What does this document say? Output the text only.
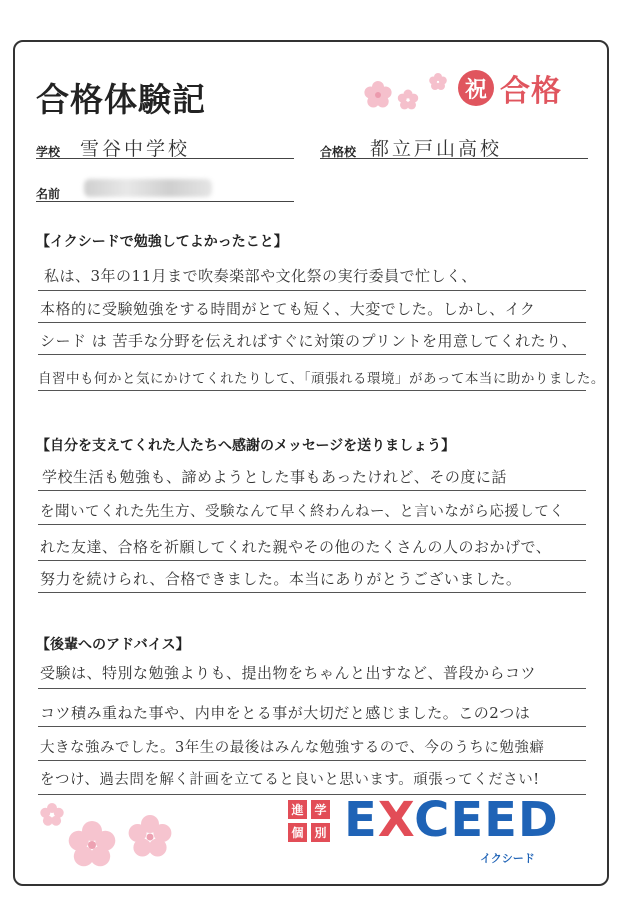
合格体験記	祝 合格
学校 雪谷中学校	合格校 都立戸山高校
名前
【イクシードで勉強してよかったこと】
私は、3年の11月まで吹奏楽部や文化祭の実行委員で忙しく、
本格的に受験勉強をする時間がとても短く、大変でした。しかし、イク
シード は 苦手な分野を伝えればすぐに対策のプリントを用意してくれたり、
自習中も何かと気にかけてくれたりして、「頑張れる環境」があって本当に助かりました。
【自分を支えてくれた人たちへ感謝のメッセージを送りましょう】
学校生活も勉強も、諦めようとした事もあったけれど、その度に話
を聞いてくれた先生方、受験なんて早く終わんねー、と言いながら応援してく
れた友達、合格を祈願してくれた親やその他のたくさんの人のおかげで、
努力を続けられ、合格できました。本当にありがとうございました。
【後輩へのアドバイス】
受験は、特別な勉強よりも、提出物をちゃんと出すなど、普段からコツ
コツ積み重ねた事や、内申をとる事が大切だと感じました。この2つは
大きな強みでした。3年生の最後はみんな勉強するので、今のうちに勉強癖
をつけ、過去問を解く計画を立てると良いと思います。頑張ってください!
進 学
個 別 EXCEED
イクシード
